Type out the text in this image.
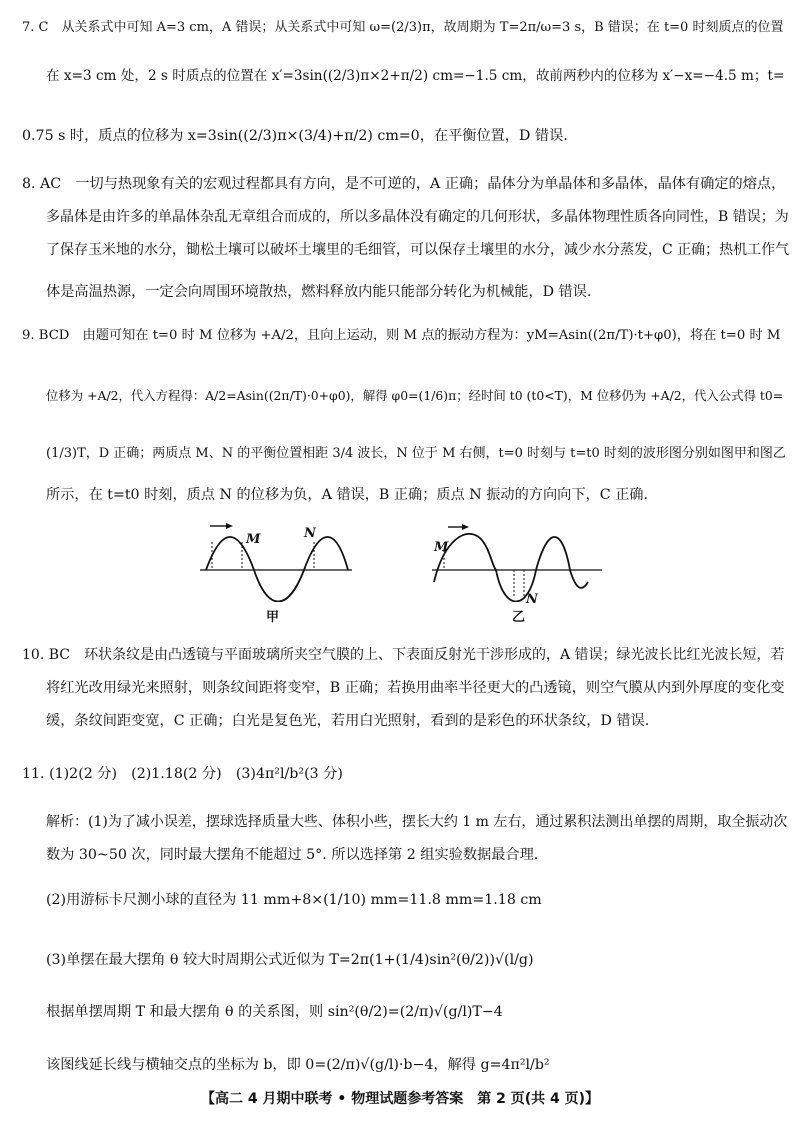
7. C　从关系式中可知 A=3 cm，A 错误；从关系式中可知 ω=(2/3)π，故周期为 T=2π/ω=3 s，B 错误；在 t=0 时刻质点的位置
在 x=3 cm 处，2 s 时质点的位置在 x′=3sin((2/3)π×2+π/2) cm=−1.5 cm，故前两秒内的位移为 x′−x=−4.5 m；t=
0.75 s 时，质点的位移为 x=3sin((2/3)π×(3/4)+π/2) cm=0，在平衡位置，D 错误.
8. AC　一切与热现象有关的宏观过程都具有方向，是不可逆的，A 正确；晶体分为单晶体和多晶体，晶体有确定的熔点，
多晶体是由许多的单晶体杂乱无章组合而成的，所以多晶体没有确定的几何形状，多晶体物理性质各向同性，B 错误；为
了保存玉米地的水分，锄松土壤可以破坏土壤里的毛细管，可以保存土壤里的水分，减少水分蒸发，C 正确；热机工作气
体是高温热源，一定会向周围环境散热，燃料释放内能只能部分转化为机械能，D 错误.
9. BCD　由题可知在 t=0 时 M 位移为 +A/2，且向上运动，则 M 点的振动方程为：yM=Asin((2π/T)·t+φ0)，将在 t=0 时 M
位移为 +A/2，代入方程得：A/2=Asin((2π/T)·0+φ0)，解得 φ0=(1/6)π；经时间 t0 (t0<T)，M 位移仍为 +A/2，代入公式得 t0=
(1/3)T，D 正确；两质点 M、N 的平衡位置相距 3/4 波长，N 位于 M 右侧，t=0 时刻与 t=t0 时刻的波形图分别如图甲和图乙
所示，在 t=t0 时刻，质点 N 的位移为负，A 错误，B 正确；质点 N 振动的方向向下，C 正确.
M	N
甲
M
N
乙
10. BC　环状条纹是由凸透镜与平面玻璃所夹空气膜的上、下表面反射光干涉形成的，A 错误；绿光波长比红光波长短，若
将红光改用绿光来照射，则条纹间距将变窄，B 正确；若换用曲率半径更大的凸透镜，则空气膜从内到外厚度的变化变
缓，条纹间距变宽，C 正确；白光是复色光，若用白光照射，看到的是彩色的环状条纹，D 错误.
11. (1)2(2 分)　(2)1.18(2 分)　(3)4π²l/b²(3 分)
解析：(1)为了减小误差，摆球选择质量大些、体积小些，摆长大约 1 m 左右，通过累积法测出单摆的周期，取全振动次
数为 30~50 次，同时最大摆角不能超过 5°. 所以选择第 2 组实验数据最合理.
(2)用游标卡尺测小球的直径为 11 mm+8×(1/10) mm=11.8 mm=1.18 cm
(3)单摆在最大摆角 θ 较大时周期公式近似为 T=2π(1+(1/4)sin²(θ/2))√(l/g)
根据单摆周期 T 和最大摆角 θ 的关系图，则 sin²(θ/2)=(2/π)√(g/l)T−4
该图线延长线与横轴交点的坐标为 b，即 0=(2/π)√(g/l)·b−4，解得 g=4π²l/b²
【高二 4 月期中联考 • 物理试题参考答案　第 2 页(共 4 页)】
